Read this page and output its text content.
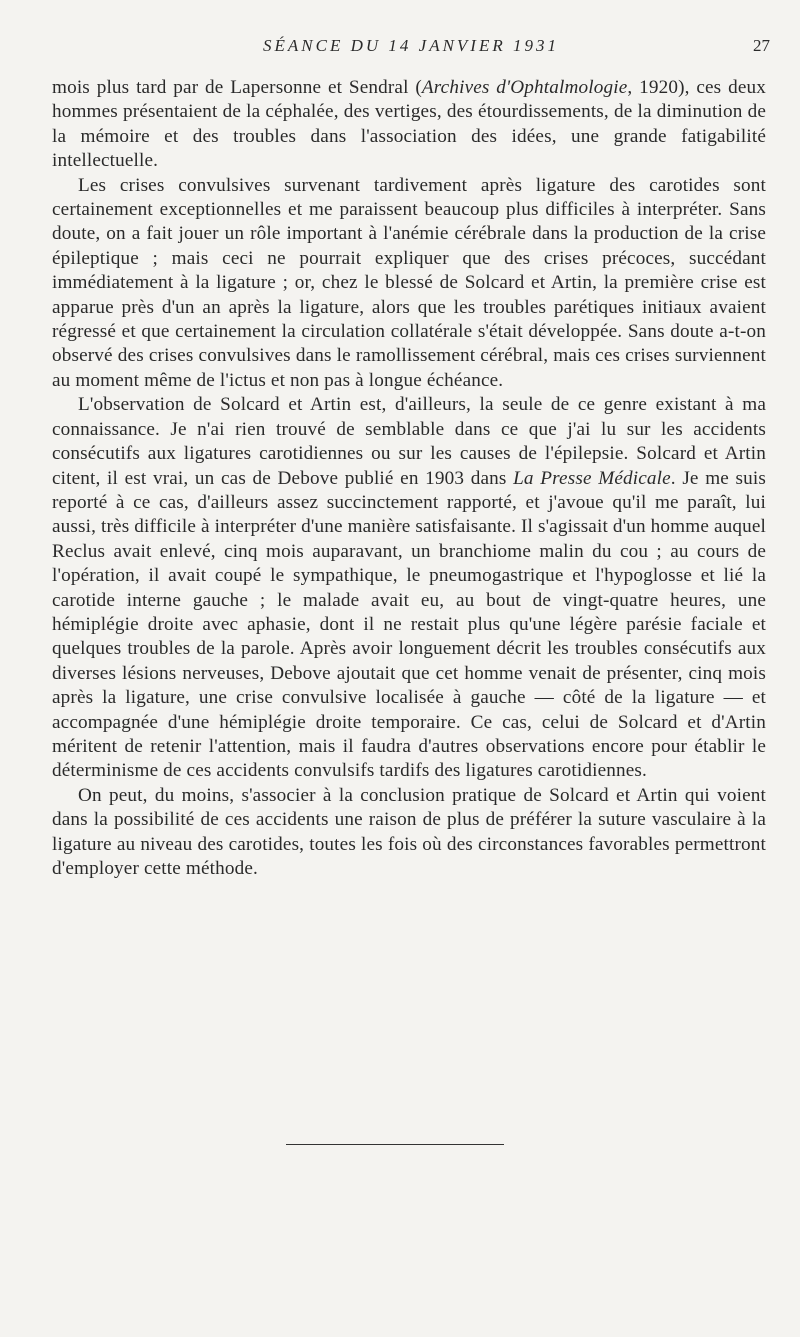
SÉANCE DU 14 JANVIER 1931	27

mois plus tard par de Lapersonne et Sendral (Archives d'Ophtalmologie, 1920), ces deux hommes présentaient de la céphalée, des vertiges, des étourdissements, de la diminution de la mémoire et des troubles dans l'association des idées, une grande fatigabilité intellectuelle.

Les crises convulsives survenant tardivement après ligature des carotides sont certainement exceptionnelles et me paraissent beaucoup plus difficiles à interpréter. Sans doute, on a fait jouer un rôle important à l'anémie cérébrale dans la production de la crise épileptique ; mais ceci ne pourrait expliquer que des crises précoces, succédant immédiatement à la ligature ; or, chez le blessé de Solcard et Artin, la première crise est apparue près d'un an après la ligature, alors que les troubles parétiques initiaux avaient régressé et que certainement la circulation collatérale s'était développée. Sans doute a-t-on observé des crises convulsives dans le ramollissement cérébral, mais ces crises surviennent au moment même de l'ictus et non pas à longue échéance.

L'observation de Solcard et Artin est, d'ailleurs, la seule de ce genre existant à ma connaissance. Je n'ai rien trouvé de semblable dans ce que j'ai lu sur les accidents consécutifs aux ligatures carotidiennes ou sur les causes de l'épilepsie. Solcard et Artin citent, il est vrai, un cas de Debove publié en 1903 dans La Presse Médicale. Je me suis reporté à ce cas, d'ailleurs assez succinctement rapporté, et j'avoue qu'il me paraît, lui aussi, très difficile à interpréter d'une manière satisfaisante. Il s'agissait d'un homme auquel Reclus avait enlevé, cinq mois auparavant, un branchiome malin du cou ; au cours de l'opération, il avait coupé le sympathique, le pneumogastrique et l'hypoglosse et lié la carotide interne gauche ; le malade avait eu, au bout de vingt-quatre heures, une hémiplégie droite avec aphasie, dont il ne restait plus qu'une légère parésie faciale et quelques troubles de la parole. Après avoir longuement décrit les troubles consécutifs aux diverses lésions nerveuses, Debove ajoutait que cet homme venait de présenter, cinq mois après la ligature, une crise convulsive localisée à gauche — côté de la ligature — et accompagnée d'une hémiplégie droite temporaire. Ce cas, celui de Solcard et d'Artin méritent de retenir l'attention, mais il faudra d'autres observations encore pour établir le déterminisme de ces accidents convulsifs tardifs des ligatures carotidiennes.

On peut, du moins, s'associer à la conclusion pratique de Solcard et Artin qui voient dans la possibilité de ces accidents une raison de plus de préférer la suture vasculaire à la ligature au niveau des carotides, toutes les fois où des circonstances favorables permettront d'employer cette méthode.
